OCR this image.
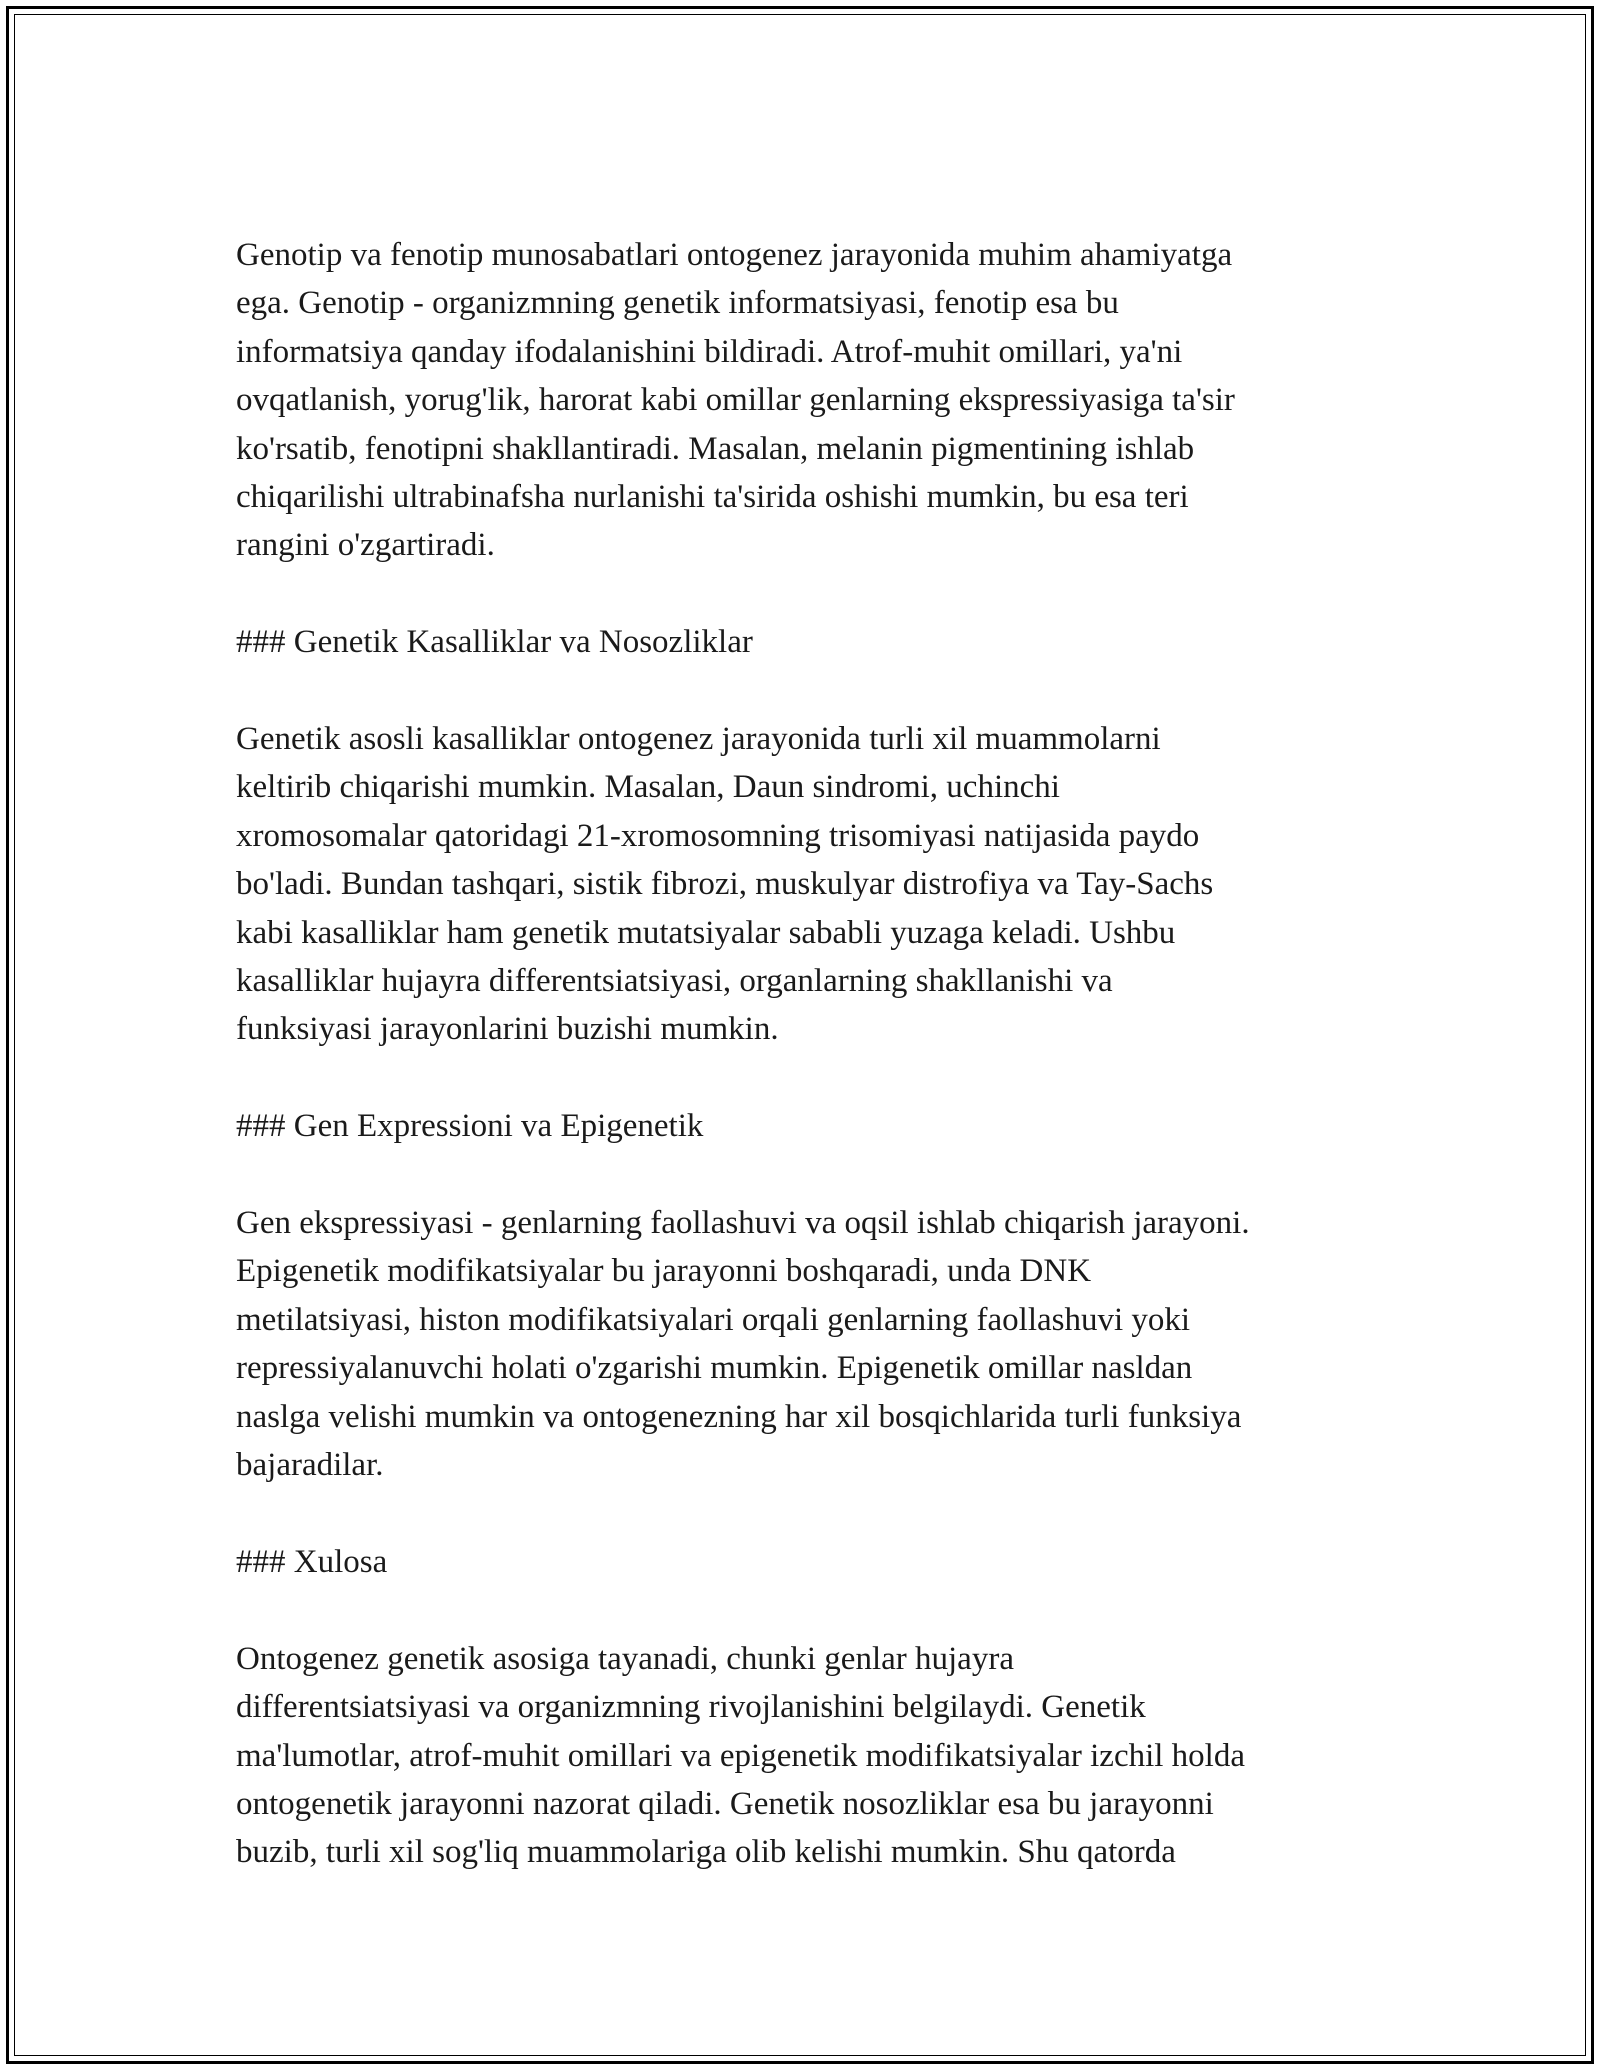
Genotip va fenotip munosabatlari ontogenez jarayonida muhim ahamiyatga
ega. Genotip - organizmning genetik informatsiyasi, fenotip esa bu
informatsiya qanday ifodalanishini bildiradi. Atrof-muhit omillari, ya'ni
ovqatlanish, yorug'lik, harorat kabi omillar genlarning ekspressiyasiga ta'sir
ko'rsatib, fenotipni shakllantiradi. Masalan, melanin pigmentining ishlab
chiqarilishi ultrabinafsha nurlanishi ta'sirida oshishi mumkin, bu esa teri
rangini o'zgartiradi.
### Genetik Kasalliklar va Nosozliklar
Genetik asosli kasalliklar ontogenez jarayonida turli xil muammolarni
keltirib chiqarishi mumkin. Masalan, Daun sindromi, uchinchi
xromosomalar qatoridagi 21-xromosomning trisomiyasi natijasida paydo
bo'ladi. Bundan tashqari, sistik fibrozi, muskulyar distrofiya va Tay-Sachs
kabi kasalliklar ham genetik mutatsiyalar sababli yuzaga keladi. Ushbu
kasalliklar hujayra differentsiatsiyasi, organlarning shakllanishi va
funksiyasi jarayonlarini buzishi mumkin.
### Gen Expressioni va Epigenetik
Gen ekspressiyasi - genlarning faollashuvi va oqsil ishlab chiqarish jarayoni.
Epigenetik modifikatsiyalar bu jarayonni boshqaradi, unda DNK
metilatsiyasi, histon modifikatsiyalari orqali genlarning faollashuvi yoki
repressiyalanuvchi holati o'zgarishi mumkin. Epigenetik omillar nasldan
naslga velishi mumkin va ontogenezning har xil bosqichlarida turli funksiya
bajaradilar.
### Xulosa
Ontogenez genetik asosiga tayanadi, chunki genlar hujayra
differentsiatsiyasi va organizmning rivojlanishini belgilaydi. Genetik
ma'lumotlar, atrof-muhit omillari va epigenetik modifikatsiyalar izchil holda
ontogenetik jarayonni nazorat qiladi. Genetik nosozliklar esa bu jarayonni
buzib, turli xil sog'liq muammolariga olib kelishi mumkin. Shu qatorda
